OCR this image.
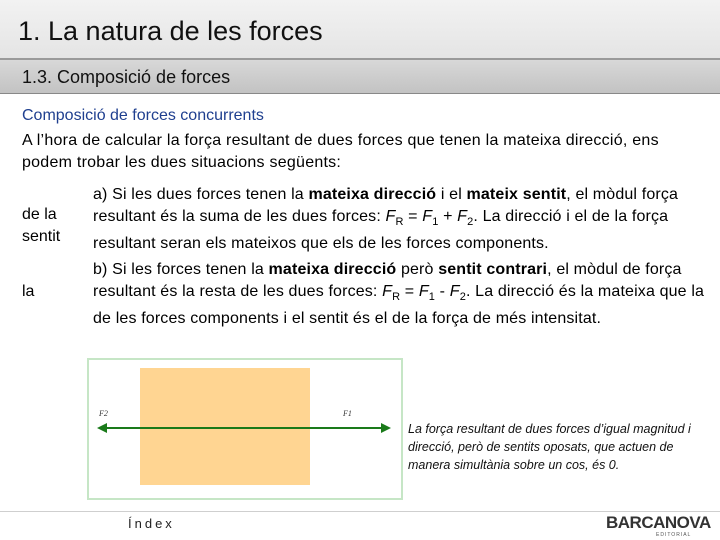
1. La natura de les forces
1.3. Composició de forces
Composició de forces concurrents
A l’hora de calcular la força resultant de dues forces que tenen la mateixa direcció, ens podem trobar les dues situacions següents:
de la
sentit
a) Si les dues forces tenen la mateixa direcció i el mateix sentit, el mòdul força resultant és la suma de les dues forces: $F_R = F_1 + F_2$. La direcció i el de la força resultant seran els mateixos que els de les forces components.
la
b) Si les forces tenen la mateixa direcció però sentit contrari, el mòdul de força resultant és la resta de les dues forces: $F_R = F_1 - F_2$. La direcció és la mateixa que la de les forces components i el sentit és el de la força de més intensitat.
F2	F1
La força resultant de dues forces d’igual magnitud i direcció, però de sentits oposats, que actuen de manera simultània sobre un cos, és 0.
Índex	BARCANOVA
EDITORIAL
